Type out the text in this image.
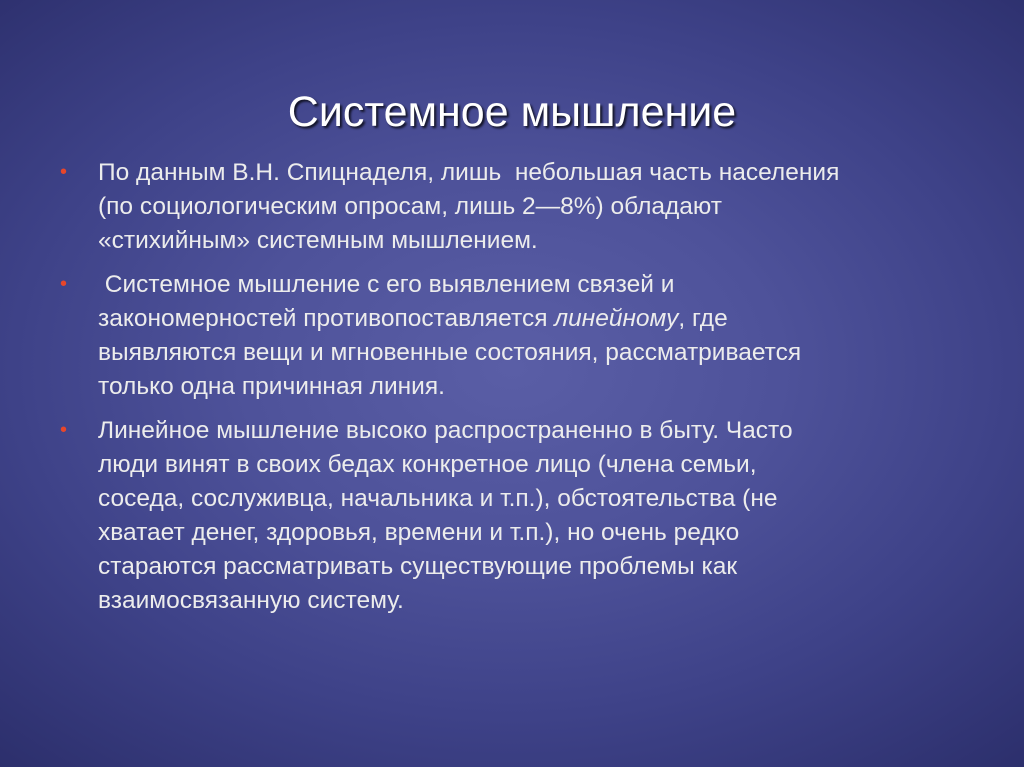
Системное мышление
• По данным В.Н. Спицнаделя, лишь  небольшая часть населения
(по социологическим опросам, лишь 2—8%) обладают
«стихийным» системным мышлением.
• Системное мышление с его выявлением связей и
закономерностей противопоставляется линейному, где
выявляются вещи и мгновенные состояния, рассматривается
только одна причинная линия.
• Линейное мышление высоко распространенно в быту. Часто
люди винят в своих бедах конкретное лицо (члена семьи,
соседа, сослуживца, начальника и т.п.), обстоятельства (не
хватает денег, здоровья, времени и т.п.), но очень редко
стараются рассматривать существующие проблемы как
взаимосвязанную систему.
